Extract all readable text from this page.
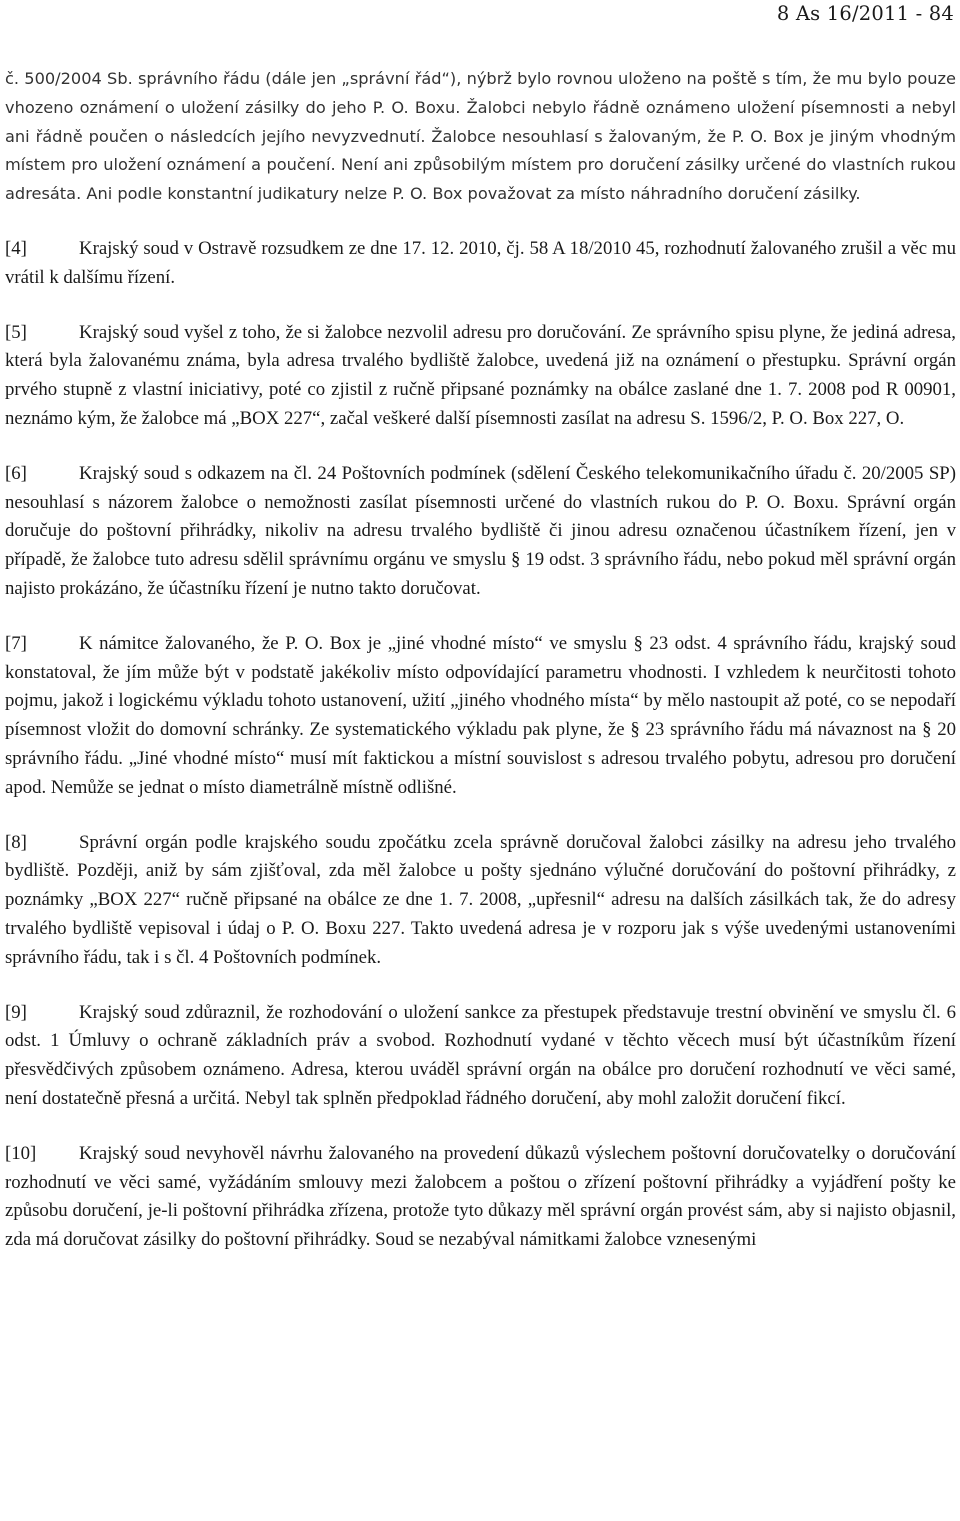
8 As 16/2011 - 84

č. 500/2004 Sb. správního řádu (dále jen „správní řád“), nýbrž bylo rovnou uloženo na poště s tím, že mu bylo pouze vhozeno oznámení o uložení zásilky do jeho P. O. Boxu. Žalobci nebylo řádně oznámeno uložení písemnosti a nebyl ani řádně poučen o následcích jejího nevyzvednutí. Žalobce nesouhlasí s žalovaným, že P. O. Box je jiným vhodným místem pro uložení oznámení a poučení. Není ani způsobilým místem pro doručení zásilky určené do vlastních rukou adresáta. Ani podle konstantní judikatury nelze P. O. Box považovat za místo náhradního doručení zásilky.

[4]	Krajský soud v Ostravě rozsudkem ze dne 17. 12. 2010, čj. 58 A 18/2010 45, rozhodnutí žalovaného zrušil a věc mu vrátil k dalšímu řízení.

[5]	Krajský soud vyšel z toho, že si žalobce nezvolil adresu pro doručování. Ze správního spisu plyne, že jediná adresa, která byla žalovanému známa, byla adresa trvalého bydliště žalobce, uvedená již na oznámení o přestupku. Správní orgán prvého stupně z vlastní iniciativy, poté co zjistil z ručně připsané poznámky na obálce zaslané dne 1. 7. 2008 pod R 00901, neznámo kým, že žalobce má „BOX 227“, začal veškeré další písemnosti zasílat na adresu S. 1596/2, P. O. Box 227, O.

[6]	Krajský soud s odkazem na čl. 24 Poštovních podmínek (sdělení Českého telekomunikačního úřadu č. 20/2005 SP) nesouhlasí s názorem žalobce o nemožnosti zasílat písemnosti určené do vlastních rukou do P. O. Boxu. Správní orgán doručuje do poštovní přihrádky, nikoliv na adresu trvalého bydliště či jinou adresu označenou účastníkem řízení, jen v případě, že žalobce tuto adresu sdělil správnímu orgánu ve smyslu § 19 odst. 3 správního řádu, nebo pokud měl správní orgán najisto prokázáno, že účastníku řízení je nutno takto doručovat.

[7]	K námitce žalovaného, že P. O. Box je „jiné vhodné místo“ ve smyslu § 23 odst. 4 správního řádu, krajský soud konstatoval, že jím může být v podstatě jakékoliv místo odpovídající parametru vhodnosti. I vzhledem k neurčitosti tohoto pojmu, jakož i logickému výkladu tohoto ustanovení, užití „jiného vhodného místa“ by mělo nastoupit až poté, co se nepodaří písemnost vložit do domovní schránky. Ze systematického výkladu pak plyne, že § 23 správního řádu má návaznost na § 20 správního řádu. „Jiné vhodné místo“ musí mít faktickou a místní souvislost s adresou trvalého pobytu, adresou pro doručení apod. Nemůže se jednat o místo diametrálně místně odlišné.

[8]	Správní orgán podle krajského soudu zpočátku zcela správně doručoval žalobci zásilky na adresu jeho trvalého bydliště. Později, aniž by sám zjišťoval, zda měl žalobce u pošty sjednáno výlučné doručování do poštovní přihrádky, z poznámky „BOX 227“ ručně připsané na obálce ze dne 1. 7. 2008, „upřesnil“ adresu na dalších zásilkách tak, že do adresy trvalého bydliště vepisoval i údaj o P. O. Boxu 227. Takto uvedená adresa je v rozporu jak s výše uvedenými ustanoveními správního řádu, tak i s čl. 4 Poštovních podmínek.

[9]	Krajský soud zdůraznil, že rozhodování o uložení sankce za přestupek představuje trestní obvinění ve smyslu čl. 6 odst. 1 Úmluvy o ochraně základních práv a svobod. Rozhodnutí vydané v těchto věcech musí být účastníkům řízení přesvědčivých způsobem oznámeno. Adresa, kterou uváděl správní orgán na obálce pro doručení rozhodnutí ve věci samé, není dostatečně přesná a určitá. Nebyl tak splněn předpoklad řádného doručení, aby mohl založit doručení fikcí.

[10] Krajský soud nevyhověl návrhu žalovaného na provedení důkazů výslechem poštovní doručovatelky o doručování rozhodnutí ve věci samé, vyžádáním smlouvy mezi žalobcem a poštou o zřízení poštovní přihrádky a vyjádření pošty ke způsobu doručení, je-li poštovní přihrádka zřízena, protože tyto důkazy měl správní orgán provést sám, aby si najisto objasnil, zda má doručovat zásilky do poštovní přihrádky. Soud se nezabýval námitkami žalobce vznesenými
